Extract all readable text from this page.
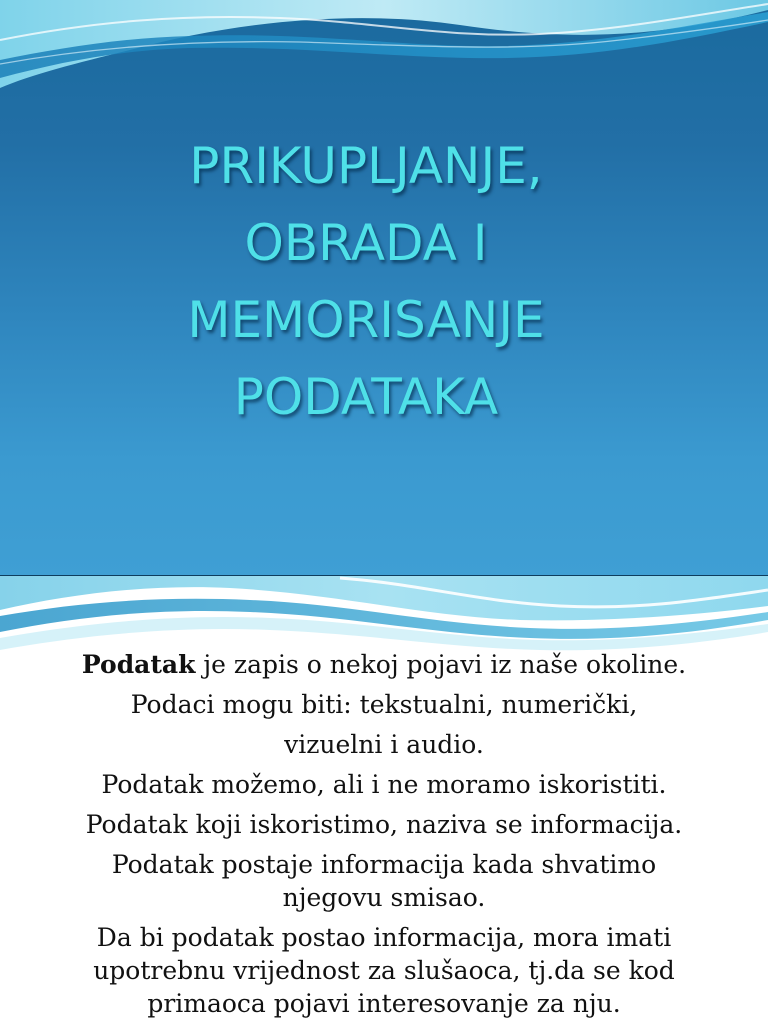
PRIKUPLJANJE,
OBRADA I
MEMORISANJE
PODATAKA

Podatak je zapis o nekoj pojavi iz naše okoline.

Podaci mogu biti: tekstualni, numerički,

vizuelni i audio.

Podatak možemo, ali i ne moramo iskoristiti.

Podatak koji iskoristimo, naziva se informacija.

Podatak postaje informacija kada shvatimo njegovu smisao.

Da bi podatak postao informacija, mora imati upotrebnu vrijednost za slušaoca, tj.da se kod primaoca pojavi interesovanje za nju.
